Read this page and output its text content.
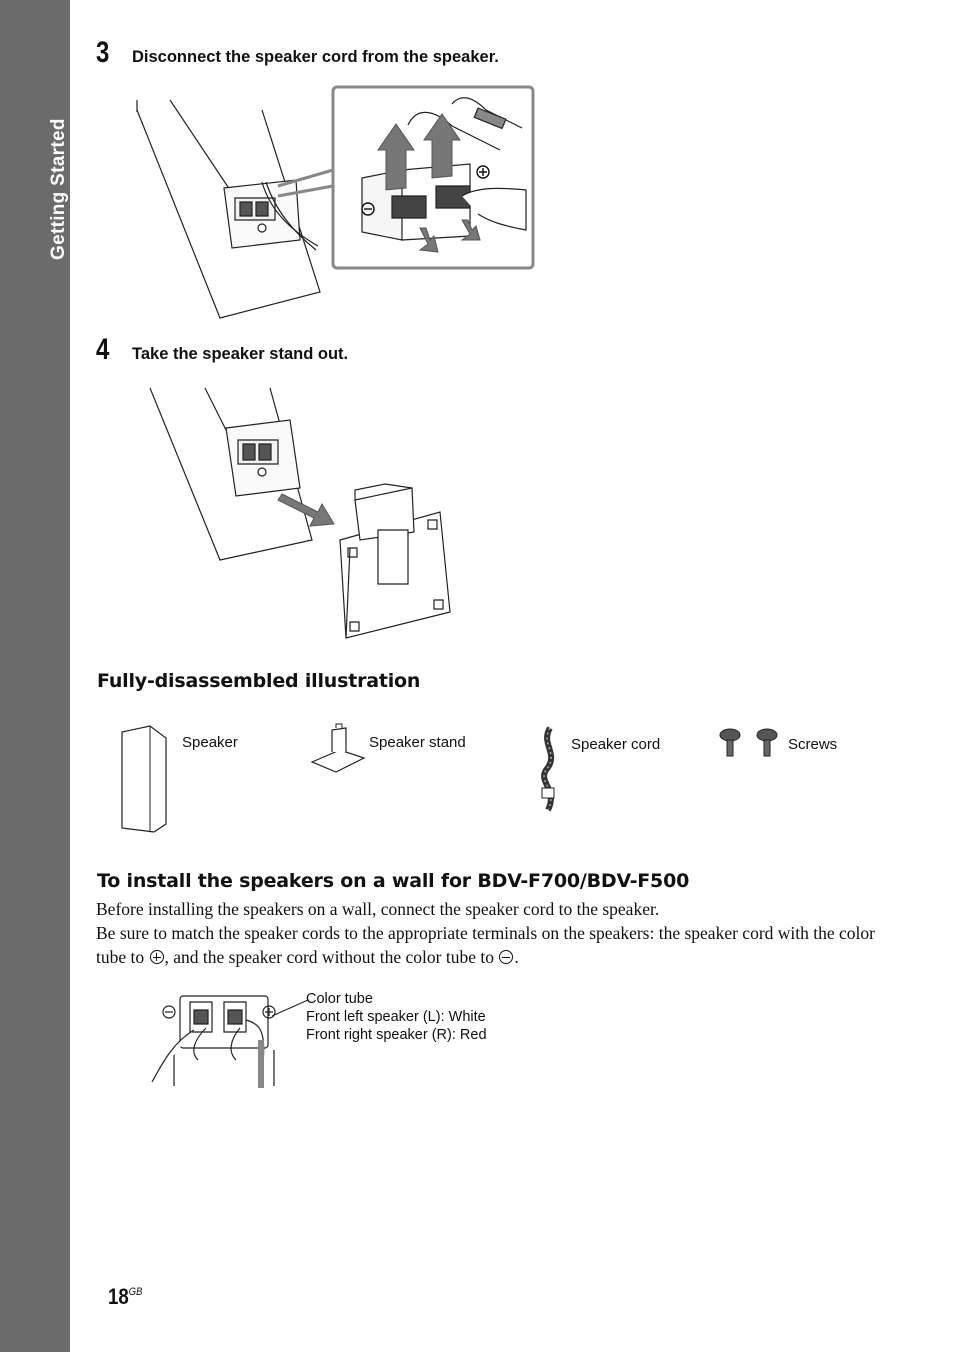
Getting Started
3 Disconnect the speaker cord from the speaker.
4 Take the speaker stand out.
Fully-disassembled illustration
Speaker	Speaker stand	Speaker cord	Screws
To install the speakers on a wall for BDV-F700/BDV-F500

Before installing the speakers on a wall, connect the speaker cord to the speaker.

Be sure to match the speaker cords to the appropriate terminals on the speakers: the speaker cord with the color tube to , and the speaker cord without the color tube to .

Color tube
Front left speaker (L): White
Front right speaker (R): Red
$18^{GB}$
